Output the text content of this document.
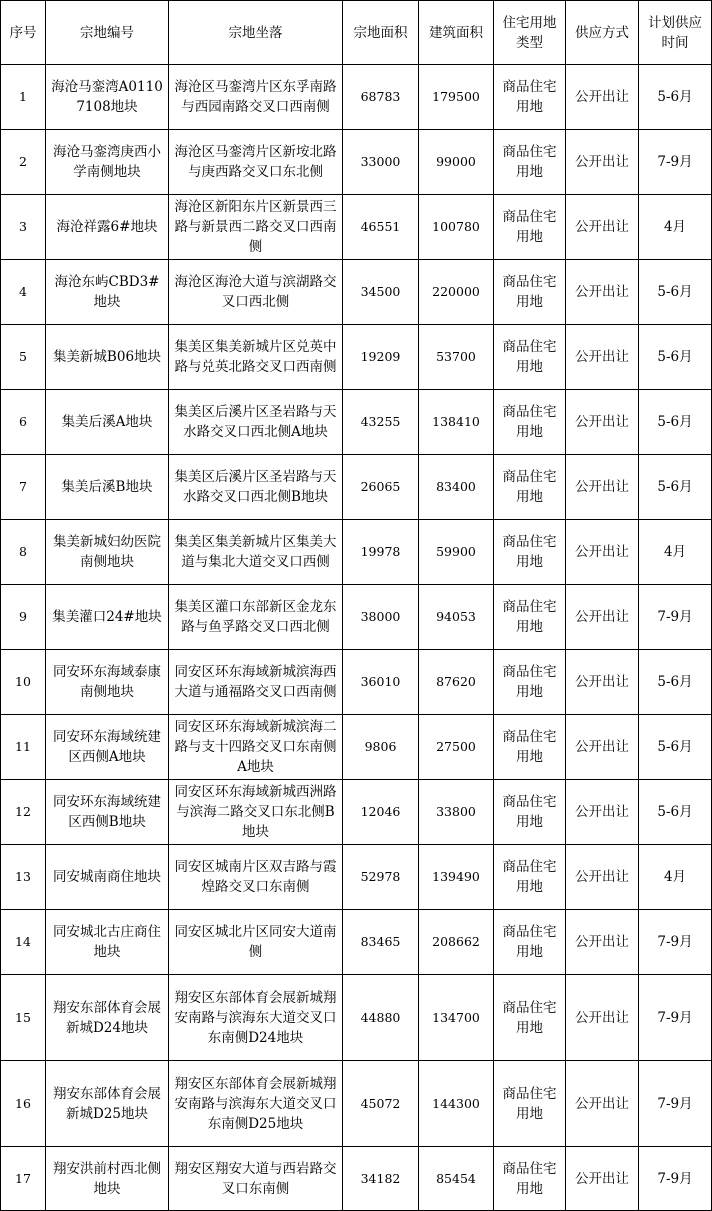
序号	宗地编号	宗地坐落	宗地面积	建筑面积	住宅用地类型	供应方式	计划供应时间
1	海沧马銮湾A01107108地块	海沧区马銮湾片区东孚南路与西园南路交叉口西南侧	68783	179500	商品住宅用地	公开出让	5-6月
2	海沧马銮湾庚西小学南侧地块	海沧区马銮湾片区新垵北路与庚西路交叉口东北侧	33000	99000	商品住宅用地	公开出让	7-9月
3	海沧祥露6#地块	海沧区新阳东片区新景西三路与新景西二路交叉口西南侧	46551	100780	商品住宅用地	公开出让	4月
4	海沧东屿CBD3#地块	海沧区海沧大道与滨湖路交叉口西北侧	34500	220000	商品住宅用地	公开出让	5-6月
5	集美新城B06地块	集美区集美新城片区兑英中路与兑英北路交叉口西南侧	19209	53700	商品住宅用地	公开出让	5-6月
6	集美后溪A地块	集美区后溪片区圣岩路与天水路交叉口西北侧A地块	43255	138410	商品住宅用地	公开出让	5-6月
7	集美后溪B地块	集美区后溪片区圣岩路与天水路交叉口西北侧B地块	26065	83400	商品住宅用地	公开出让	5-6月
8	集美新城妇幼医院南侧地块	集美区集美新城片区集美大道与集北大道交叉口西侧	19978	59900	商品住宅用地	公开出让	4月
9	集美灌口24#地块	集美区灌口东部新区金龙东路与鱼孚路交叉口西北侧	38000	94053	商品住宅用地	公开出让	7-9月
10	同安环东海域泰康南侧地块	同安区环东海域新城滨海西大道与通福路交叉口西南侧	36010	87620	商品住宅用地	公开出让	5-6月
11	同安环东海域统建区西侧A地块	同安区环东海域新城滨海二路与支十四路交叉口东南侧A地块	9806	27500	商品住宅用地	公开出让	5-6月
12	同安环东海域统建区西侧B地块	同安区环东海域新城西洲路与滨海二路交叉口东北侧B地块	12046	33800	商品住宅用地	公开出让	5-6月
13	同安城南商住地块	同安区城南片区双吉路与霞煌路交叉口东南侧	52978	139490	商品住宅用地	公开出让	4月
14	同安城北古庄商住地块	同安区城北片区同安大道南侧	83465	208662	商品住宅用地	公开出让	7-9月
15	翔安东部体育会展新城D24地块	翔安区东部体育会展新城翔安南路与滨海东大道交叉口东南侧D24地块	44880	134700	商品住宅用地	公开出让	7-9月
16	翔安东部体育会展新城D25地块	翔安区东部体育会展新城翔安南路与滨海东大道交叉口东南侧D25地块	45072	144300	商品住宅用地	公开出让	7-9月
17	翔安洪前村西北侧地块	翔安区翔安大道与西岩路交叉口东南侧	34182	85454	商品住宅用地	公开出让	7-9月
